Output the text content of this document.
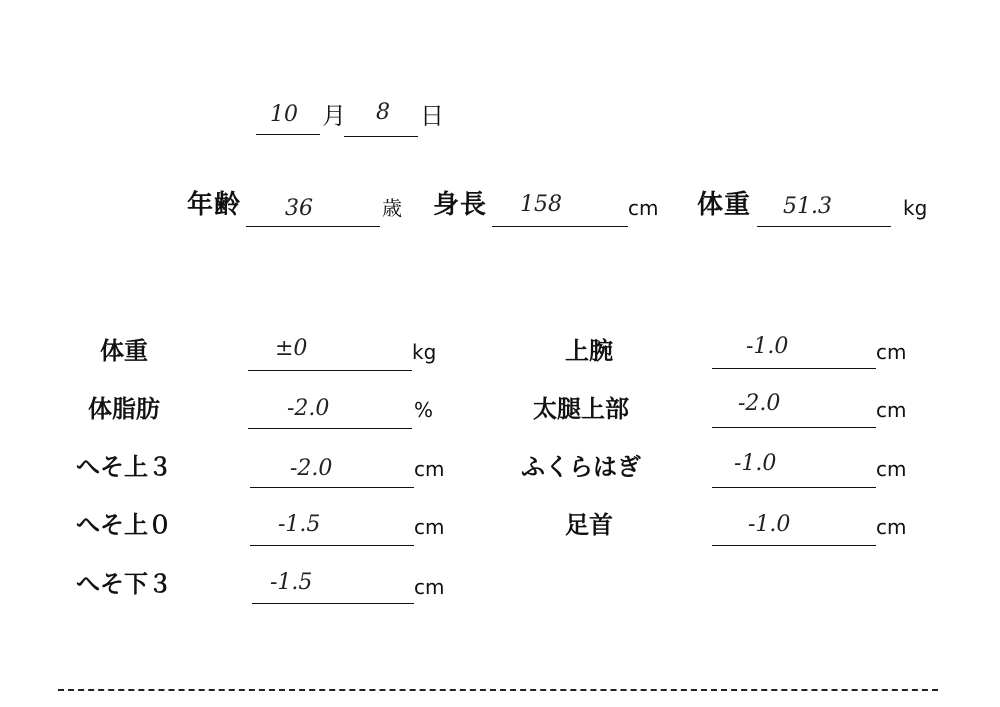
10 月 8 日
年齢 36	歳 身長 158	cm 体重 51.3	kg
体重	±0	kg
体脂肪	-2.0	%
へそ上３	-2.0	cm
へそ上０	-1.5	cm
へそ下３	-1.5	cm
上腕	-1.0	cm
太腿上部	-2.0	cm
ふくらはぎ	-1.0	cm
足首	-1.0	cm
